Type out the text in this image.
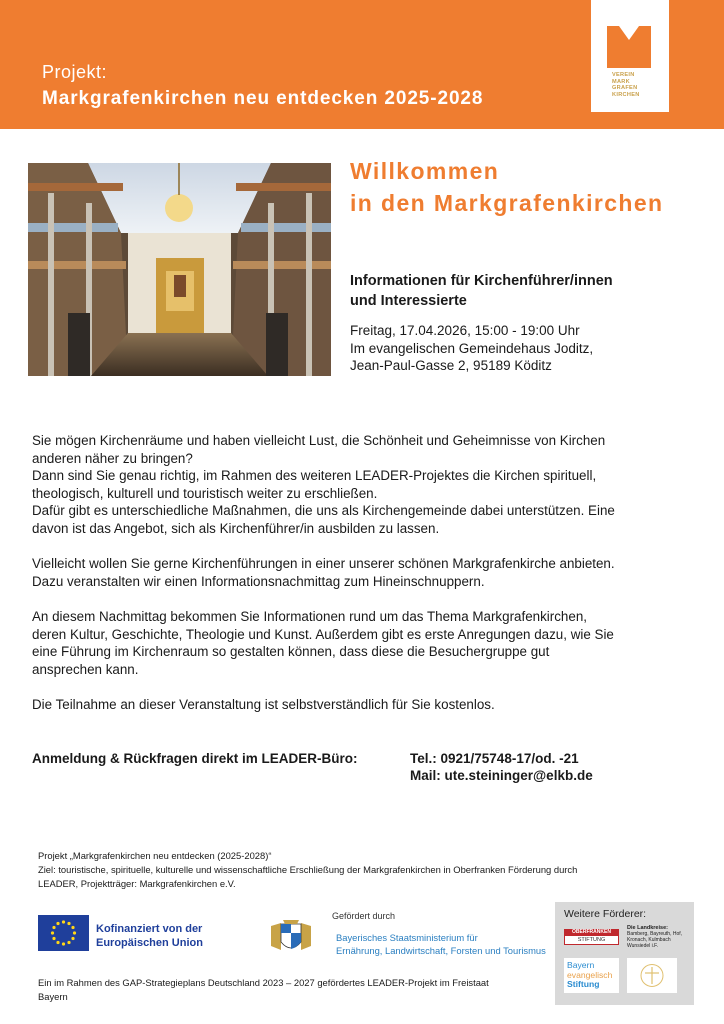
Projekt:
Markgrafenkirchen neu entdecken 2025-2028
VEREIN
MARK
GRAFEN
KIRCHEN
Willkommen
in den Markgrafenkirchen
Informationen für Kirchenführer/innen
und Interessierte
Freitag, 17.04.2026, 15:00 - 19:00 Uhr
Im evangelischen Gemeindehaus Joditz,
Jean-Paul-Gasse 2, 95189 Köditz

Sie mögen Kirchenräume und haben vielleicht Lust, die Schönheit und Geheimnisse von Kirchen
anderen näher zu bringen?
Dann sind Sie genau richtig, im Rahmen des weiteren LEADER-Projektes die Kirchen spirituell,
theologisch, kulturell und touristisch weiter zu erschließen.
Dafür gibt es unterschiedliche Maßnahmen, die uns als Kirchengemeinde dabei unterstützen. Eine
davon ist das Angebot, sich als Kirchenführer/in ausbilden zu lassen.

Vielleicht wollen Sie gerne Kirchenführungen in einer unserer schönen Markgrafenkirche anbieten.
Dazu veranstalten wir einen Informationsnachmittag zum Hineinschnuppern.

An diesem Nachmittag bekommen Sie Informationen rund um das Thema Markgrafenkirchen,
deren Kultur, Geschichte, Theologie und Kunst. Außerdem gibt es erste Anregungen dazu, wie Sie
eine Führung im Kirchenraum so gestalten können, dass diese die Besuchergruppe gut
ansprechen kann.

Die Teilnahme an dieser Veranstaltung ist selbstverständlich für Sie kostenlos.

Anmeldung & Rückfragen direkt im LEADER-Büro:	Tel.: 0921/75748-17/od. -21
Mail: ute.steininger@elkb.de
Projekt „Markgrafenkirchen neu entdecken (2025-2028)“
Ziel: touristische, spirituelle, kulturelle und wissenschaftliche Erschließung der Markgrafenkirchen in Oberfranken Förderung durch
LEADER, Projektträger: Markgrafenkirchen e.V.
Kofinanziert von der
Europäischen Union
Gefördert durch
Bayerisches Staatsministerium für
Ernährung, Landwirtschaft, Forsten und Tourismus
Weitere Förderer:
OBERFRANKEN
STIFTUNG
Die Landkreise:
Bamberg, Bayreuth, Hof, Kronach, Kulmbach Wunsiedel i.F.
Bayern
evangelisch
Stiftung
Ein im Rahmen des GAP-Strategieplans Deutschland 2023 – 2027 gefördertes LEADER-Projekt im Freistaat
Bayern
